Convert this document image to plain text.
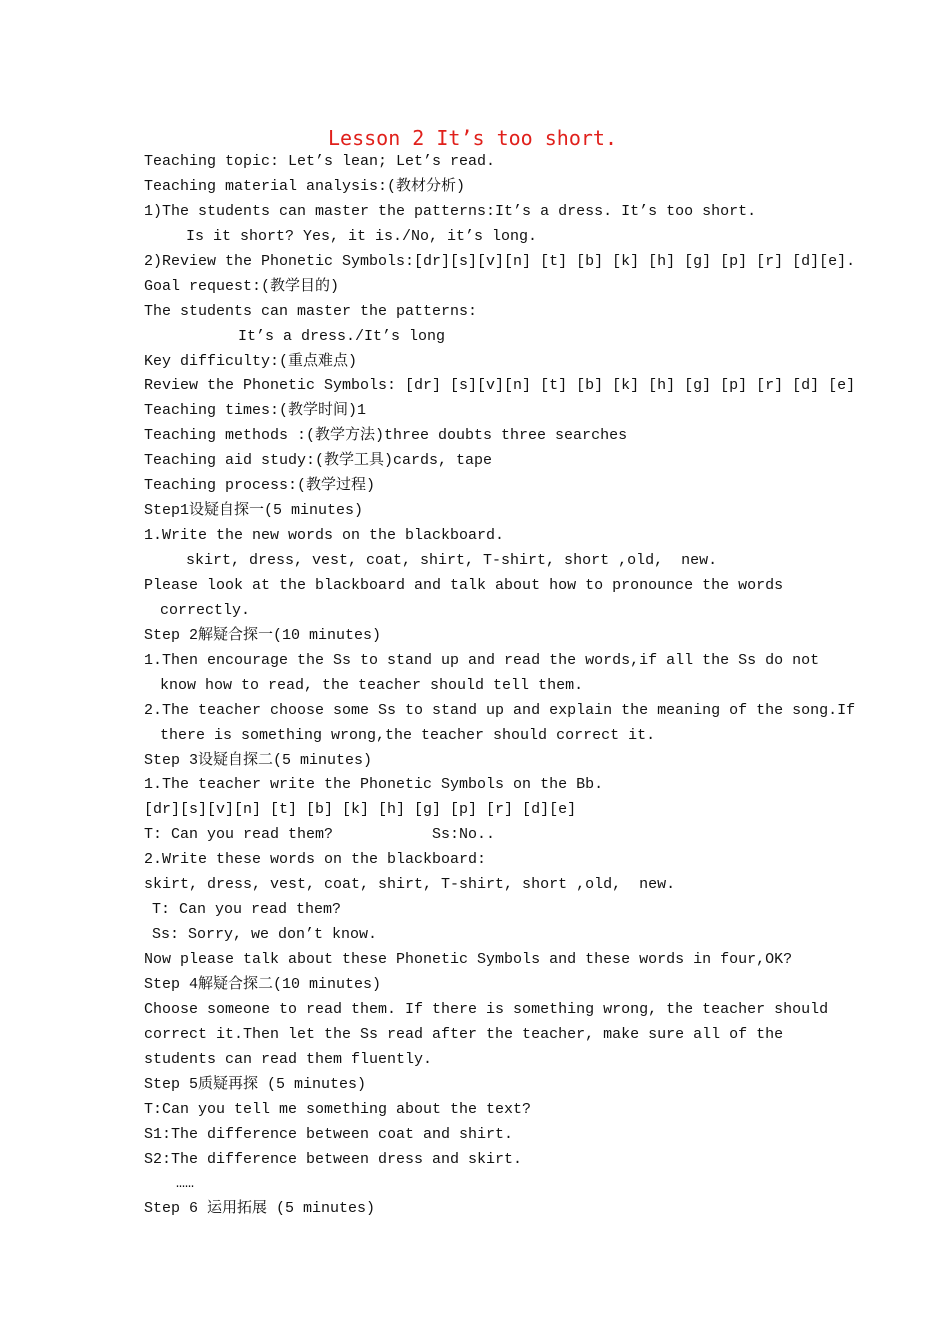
Lesson 2 It’s too short.
Teaching topic: Let’s lean; Let’s read.
Teaching material analysis:(教材分析)
1)The students can master the patterns:It’s a dress. It’s too short.
Is it short? Yes, it is./No, it’s long.
2)Review the Phonetic Symbols:[dr][s][v][n] [t] [b] [k] [h] [g] [p] [r] [d][e].
Goal request:(教学目的)
The students can master the patterns:
It’s a dress./It’s long
Key difficulty:(重点难点)
Review the Phonetic Symbols: [dr] [s][v][n] [t] [b] [k] [h] [g] [p] [r] [d] [e]
Teaching times:(教学时间)1
Teaching methods :(教学方法)three doubts three searches
Teaching aid study:(教学工具)cards, tape
Teaching process:(教学过程)
Step1设疑自探一(5 minutes)
1.Write the new words on the blackboard.
skirt, dress, vest, coat, shirt, T-shirt, short ,old,  new.
Please look at the blackboard and talk about how to pronounce the words
correctly.
Step 2解疑合探一(10 minutes)
1.Then encourage the Ss to stand up and read the words,if all the Ss do not
know how to read, the teacher should tell them.
2.The teacher choose some Ss to stand up and explain the meaning of the song.If
there is something wrong,the teacher should correct it.
Step 3设疑自探二(5 minutes)
1.The teacher write the Phonetic Symbols on the Bb.
[dr][s][v][n] [t] [b] [k] [h] [g] [p] [r] [d][e]
T: Can you read them?           Ss:No..
2.Write these words on the blackboard:
skirt, dress, vest, coat, shirt, T-shirt, short ,old,  new.
T: Can you read them?
Ss: Sorry, we don’t know.
Now please talk about these Phonetic Symbols and these words in four,OK?
Step 4解疑合探二(10 minutes)
Choose someone to read them. If there is something wrong, the teacher should
correct it.Then let the Ss read after the teacher, make sure all of the
students can read them fluently.
Step 5质疑再探 (5 minutes)
T:Can you tell me something about the text?
S1:The difference between coat and shirt.
S2:The difference between dress and skirt.
……
Step 6 运用拓展 (5 minutes)
